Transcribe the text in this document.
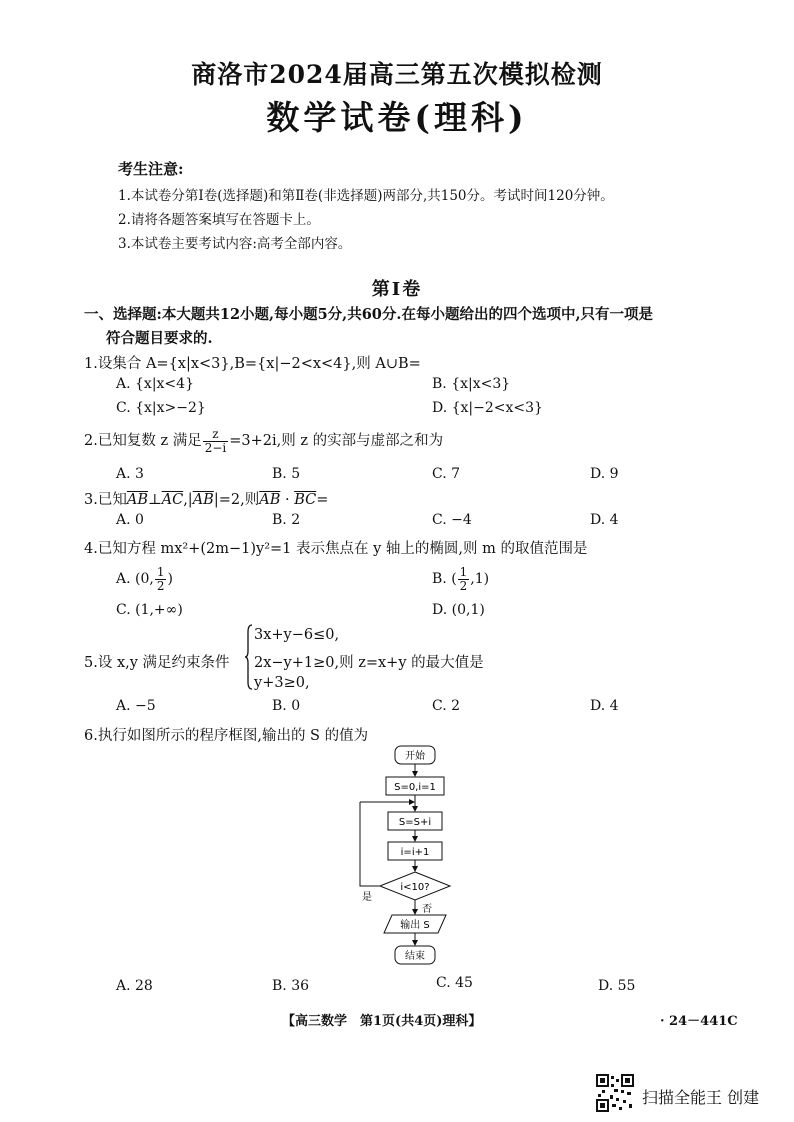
商洛市2024届高三第五次模拟检测
数学试卷(理科)
考生注意:
1.本试卷分第Ⅰ卷(选择题)和第Ⅱ卷(非选择题)两部分,共150分。考试时间120分钟。
2.请将各题答案填写在答题卡上。
3.本试卷主要考试内容:高考全部内容。
第Ⅰ卷
一、选择题:本大题共12小题,每小题5分,共60分.在每小题给出的四个选项中,只有一项是
符合题目要求的.
1.设集合 A={x|x<3},B={x|−2<x<4},则 A∪B=
A. {x|x<4}	B. {x|x<3}
C. {x|x>−2}	D. {x|−2<x<3}
2.已知复数 z 满足 $\frac{z}{2-i} =3+2i$,则 z 的实部与虚部之和为
A. 3	B. 5	C. 7	D. 9
3.已知$\overline{AB}\perp\overline{AC},|\overline{AB}|=2$,则$\overline{AB} \cdot \overline{BC}=$
A. 0	B. 2	C. −4	D. 4
4.已知方程 mx²+(2m−1)y²=1 表示焦点在 y 轴上的椭圆,则 m 的取值范围是
A. (0, $\frac{1}{2}$ )	B. ( $\frac{1}{2} ,1$)
C. (1,+∞)	D. (0,1)
5.设 x,y 满足约束条件
3x+y−6≤0,
2x−y+1≥0,则 z=x+y 的最大值是
y+3≥0,
A. −5	B. 0	C. 2	D. 4
6.执行如图所示的程序框图,输出的 S 的值为
开始
S=0,i=1
S=S+i
i=i+1
i<10?
是
否
输出 S
结束
A. 28	B. 36	C. 45	D. 55
【高三数学　第1页(共4页)理科】	· 24－441C
扫描全能王 创建
